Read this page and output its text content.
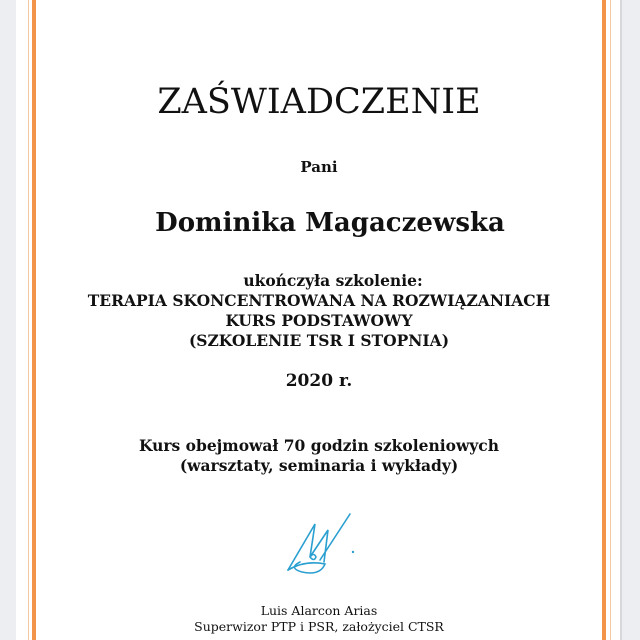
ZAŚWIADCZENIE
Pani
Dominika Magaczewska
ukończyła szkolenie:
TERAPIA SKONCENTROWANA NA ROZWIĄZANIACH
KURS PODSTAWOWY
(SZKOLENIE TSR I STOPNIA)
2020 r.
Kurs obejmował 70 godzin szkoleniowych
(warsztaty, seminaria i wykłady)
Luis Alarcon Arias
Superwizor PTP i PSR, założyciel CTSR
